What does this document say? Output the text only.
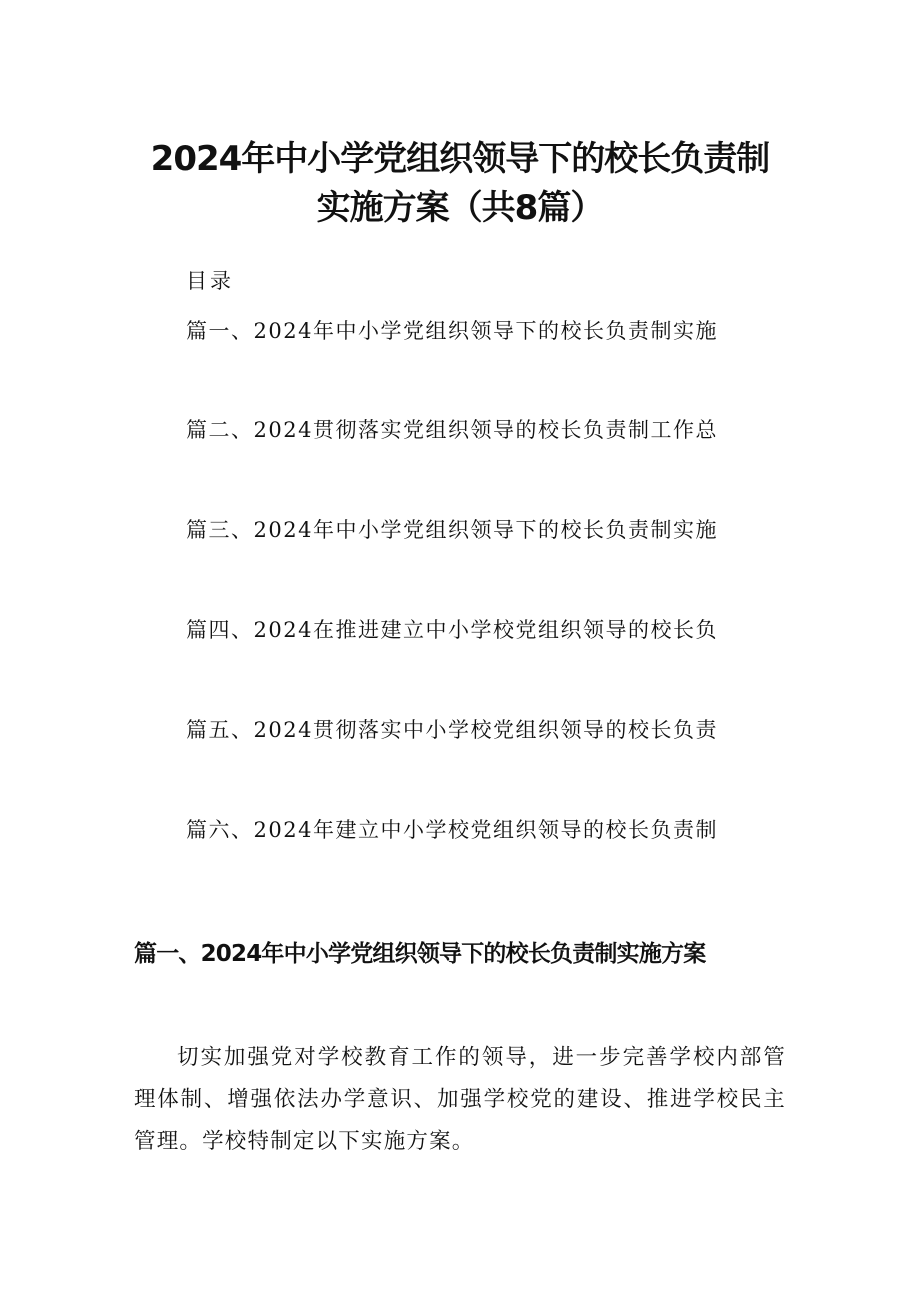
2024年中小学党组织领导下的校长负责制
实施方案（共8篇）
目录
篇一、2024年中小学党组织领导下的校长负责制实施
篇二、2024贯彻落实党组织领导的校长负责制工作总
篇三、2024年中小学党组织领导下的校长负责制实施
篇四、2024在推进建立中小学校党组织领导的校长负
篇五、2024贯彻落实中小学校党组织领导的校长负责
篇六、2024年建立中小学校党组织领导的校长负责制
篇一、2024年中小学党组织领导下的校长负责制实施方案
切实加强党对学校教育工作的领导，进一步完善学校内部管理体制、增强依法办学意识、加强学校党的建设、推进学校民主管理。学校特制定以下实施方案。
